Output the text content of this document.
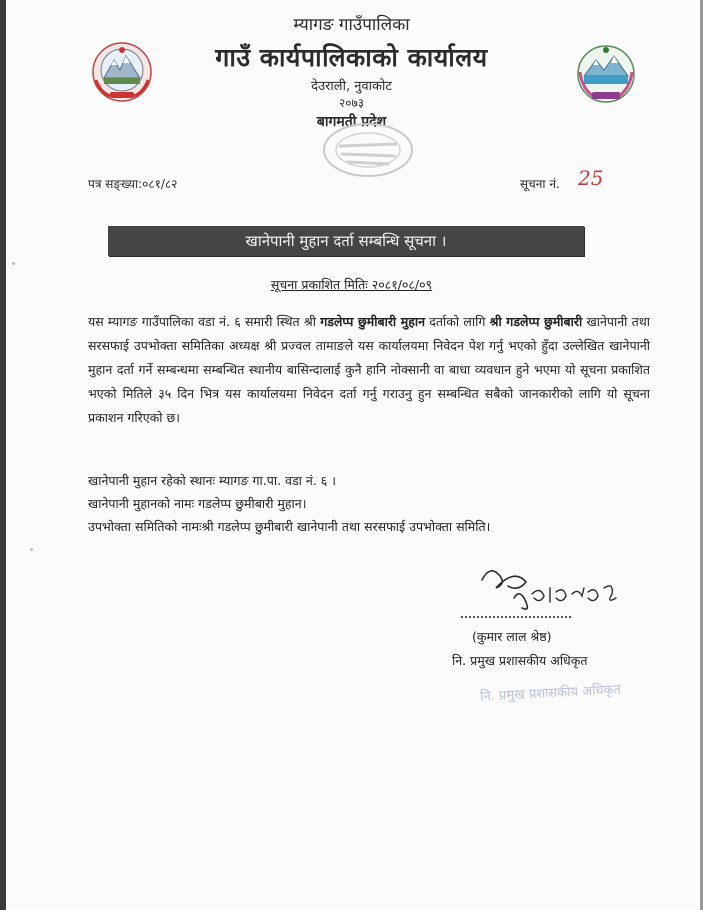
म्यागङ गाउँपालिका
गाउँ कार्यपालिकाको कार्यालय
देउराली, नुवाकोट
२०७३
बागमती प्रदेश
पत्र सङ्ख्या:०८१/८२	सूचना नं. 25
खानेपानी मुहान दर्ता सम्बन्धि सूचना ।
सूचना प्रकाशित मितिः २०८१/०८/०९

यस म्यागङ गाउँपालिका वडा नं. ६ समारी स्थित श्री गडलेप्प छुमीबारी मुहान दर्ताको लागि श्री गडलेप्प छुमीबारी खानेपानी तथा सरसफाई उपभोक्ता समितिका अध्यक्ष श्री प्रज्वल तामाङले यस कार्यालयमा निवेदन पेश गर्नु भएको हुँदा उल्लेखित खानेपानी मुहान दर्ता गर्ने सम्बन्धमा सम्बन्धित स्थानीय बासिन्दालाई कुनै हानि नोक्सानी वा बाधा व्यवधान हुने भएमा यो सूचना प्रकाशित भएको मितिले ३५ दिन भित्र यस कार्यालयमा निवेदन दर्ता गर्नु गराउनु हुन सम्बन्धित सबैको जानकारीको लागि यो सूचना प्रकाशन गरिएको छ।

खानेपानी मुहान रहेको स्थानः म्यागङ गा.पा. वडा नं. ६ ।
खानेपानी मुहानको नामः गडलेप्प छुमीबारी मुहान।
उपभोक्ता समितिको नामःश्री गडलेप्प छुमीबारी खानेपानी तथा सरसफाई उपभोक्ता समिति।
(कुमार लाल श्रेष्ठ)
नि. प्रमुख प्रशासकीय अधिकृत
नि. प्रमुख प्रशासकीय अधिकृत
